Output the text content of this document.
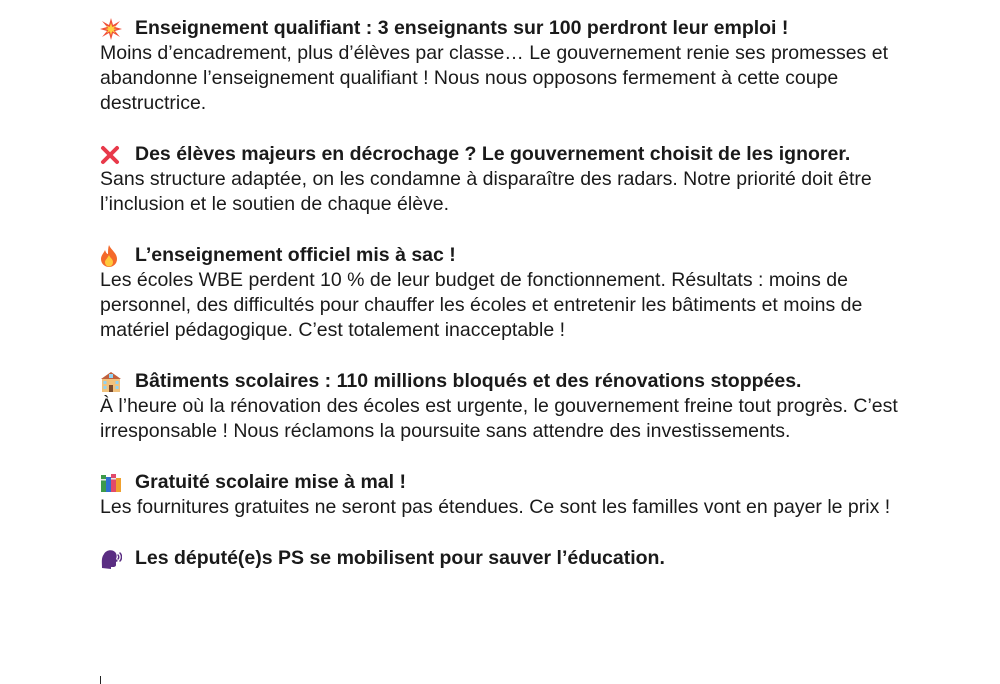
Enseignement qualifiant : 3 enseignants sur 100 perdront leur emploi !

Moins d’encadrement, plus d’élèves par classe… Le gouvernement renie ses promesses et abandonne l’enseignement qualifiant ! Nous nous opposons fermement à cette coupe destructrice.

Des élèves majeurs en décrochage ? Le gouvernement choisit de les ignorer.

Sans structure adaptée, on les condamne à disparaître des radars. Notre priorité doit être l’inclusion et le soutien de chaque élève.

L’enseignement officiel mis à sac !

Les écoles WBE perdent 10 % de leur budget de fonctionnement. Résultats : moins de personnel, des difficultés pour chauffer les écoles et entretenir les bâtiments et moins de matériel pédagogique. C’est totalement inacceptable !

Bâtiments scolaires : 110 millions bloqués et des rénovations stoppées.

À l’heure où la rénovation des écoles est urgente, le gouvernement freine tout progrès. C’est irresponsable ! Nous réclamons la poursuite sans attendre des investissements.

Gratuité scolaire mise à mal !

Les fournitures gratuites ne seront pas étendues. Ce sont les familles vont en payer le prix !

Les député(e)s PS se mobilisent pour sauver l’éducation.
